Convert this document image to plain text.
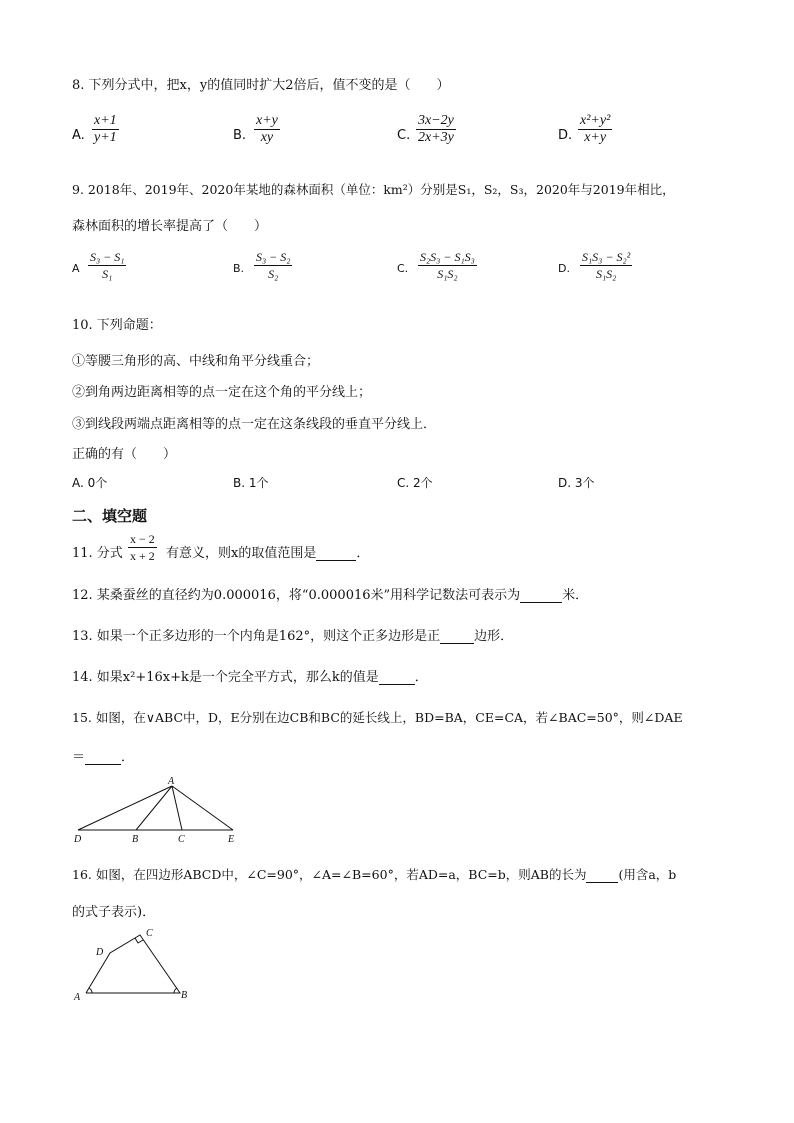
8. 下列分式中，把x，y的值同时扩大2倍后，值不变的是（　　）
A. $\frac{x+1}{y+1}$	B. $\frac{x+y}{xy}$	C. $\frac{3x-2y}{2x+3y}$	D. $\frac{\text{x²+y²}}{x+y}$
9. 2018年、2019年、2020年某地的森林面积（单位：km²）分别是S₁，S₂，S₃，2020年与2019年相比，
森林面积的增长率提高了（　　）
A $\frac{\text{S₃ − S₁}}{\text{S₁}}$	B. $\frac{\text{S₃ − S₂}}{\text{S₂}}$	C. $\frac{\text{S₂S₃ − S₁S₃}}{\text{S₁S₂}}$	D. $\frac{\text{S₁S₃ − S₂²}}{\text{S₁S₂}}$
10. 下列命题：
①等腰三角形的高、中线和角平分线重合；
②到角两边距离相等的点一定在这个角的平分线上；
③到线段两端点距离相等的点一定在这条线段的垂直平分线上．
正确的有（　　）
A. 0个	B. 1个	C. 2个	D. 3个
二、填空题
11. 分式 $\frac{x - 2}{x + 2}$ 有意义，则x的取值范围是	．
12. 某桑蚕丝的直径约为0.000016，将“0.000016米”用科学记数法可表示为	米．
13. 如果一个正多边形的一个内角是162°，则这个正多边形是正	边形．
14. 如果x²+16x+k是一个完全平方式，那么k的值是	．
15. 如图，在∨ABC中，D，E分别在边CB和BC的延长线上，BD=BA，CE=CA，若∠BAC=50°，则∠DAE
＝	．
A
D	B	C	E
16. 如图，在四边形ABCD中，∠C=90°，∠A=∠B=60°，若AD=a，BC=b，则AB的长为	(用含a，b
的式子表示)．
A	B
C
D
